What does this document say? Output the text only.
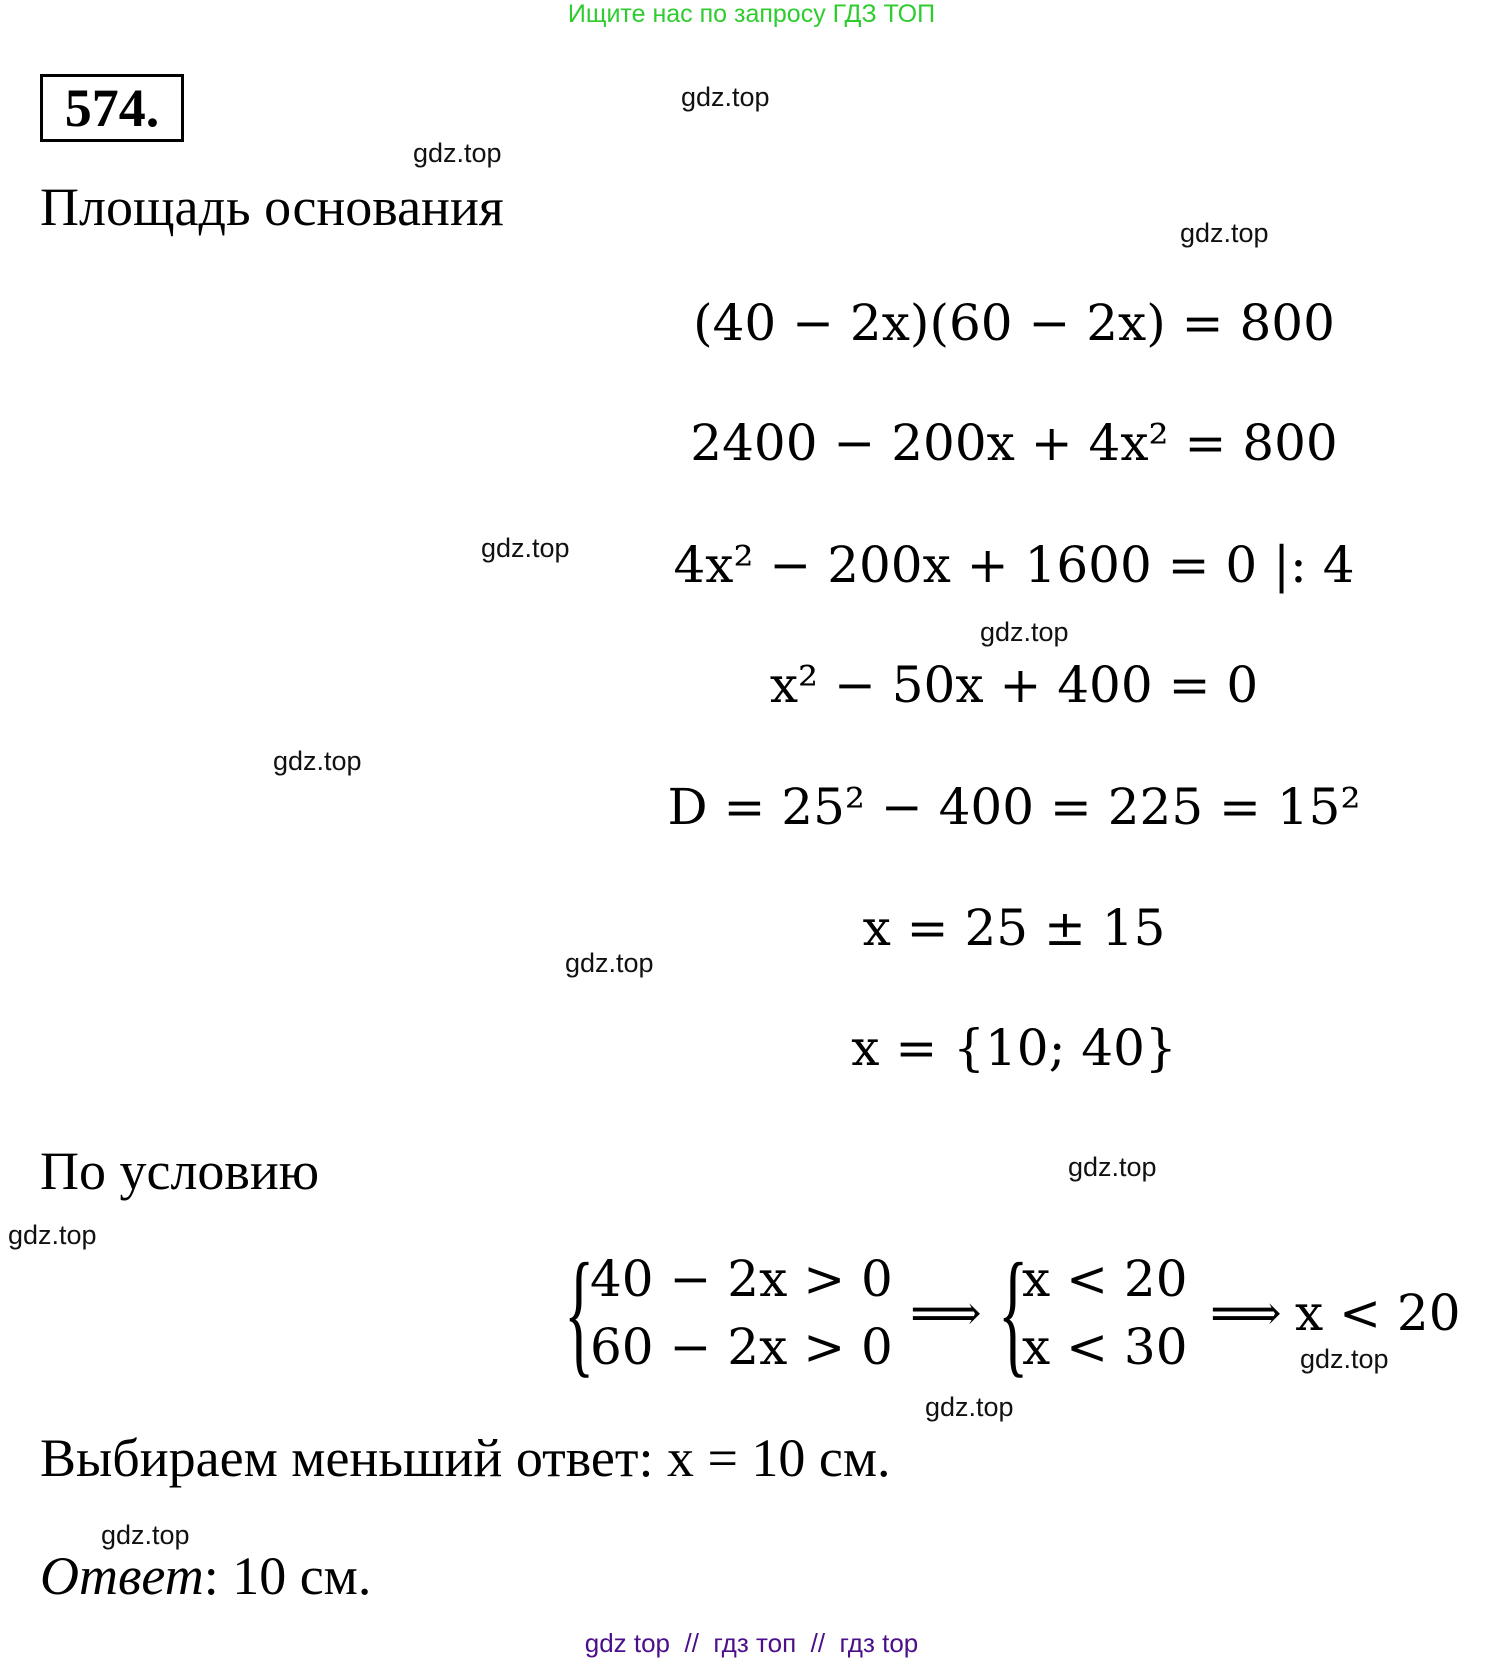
Ищите нас по запросу ГДЗ ТОП
574.	gdz.top
gdz.top
gdz.top
gdz.top
gdz.top
gdz.top
gdz.top
gdz.top
gdz.top
gdz.top
gdz.top
gdz.top
Площадь основания
(40 − 2x)(60 − 2x) = 800
2400 − 200x + 4x² = 800
4x² − 200x + 1600 = 0 |: 4
x² − 50x + 400 = 0
D = 25² − 400 = 225 = 15²
x = 25 ± 15
x = {10; 40}
По условию
{
40 − 2x > 0
60 − 2x > 0
⟹ {
x < 20
x < 30
⟹ x < 20
Выбираем меньший ответ: x = 10 см.
Ответ: 10 см.
gdz top  //  гдз топ  //  гдз top
